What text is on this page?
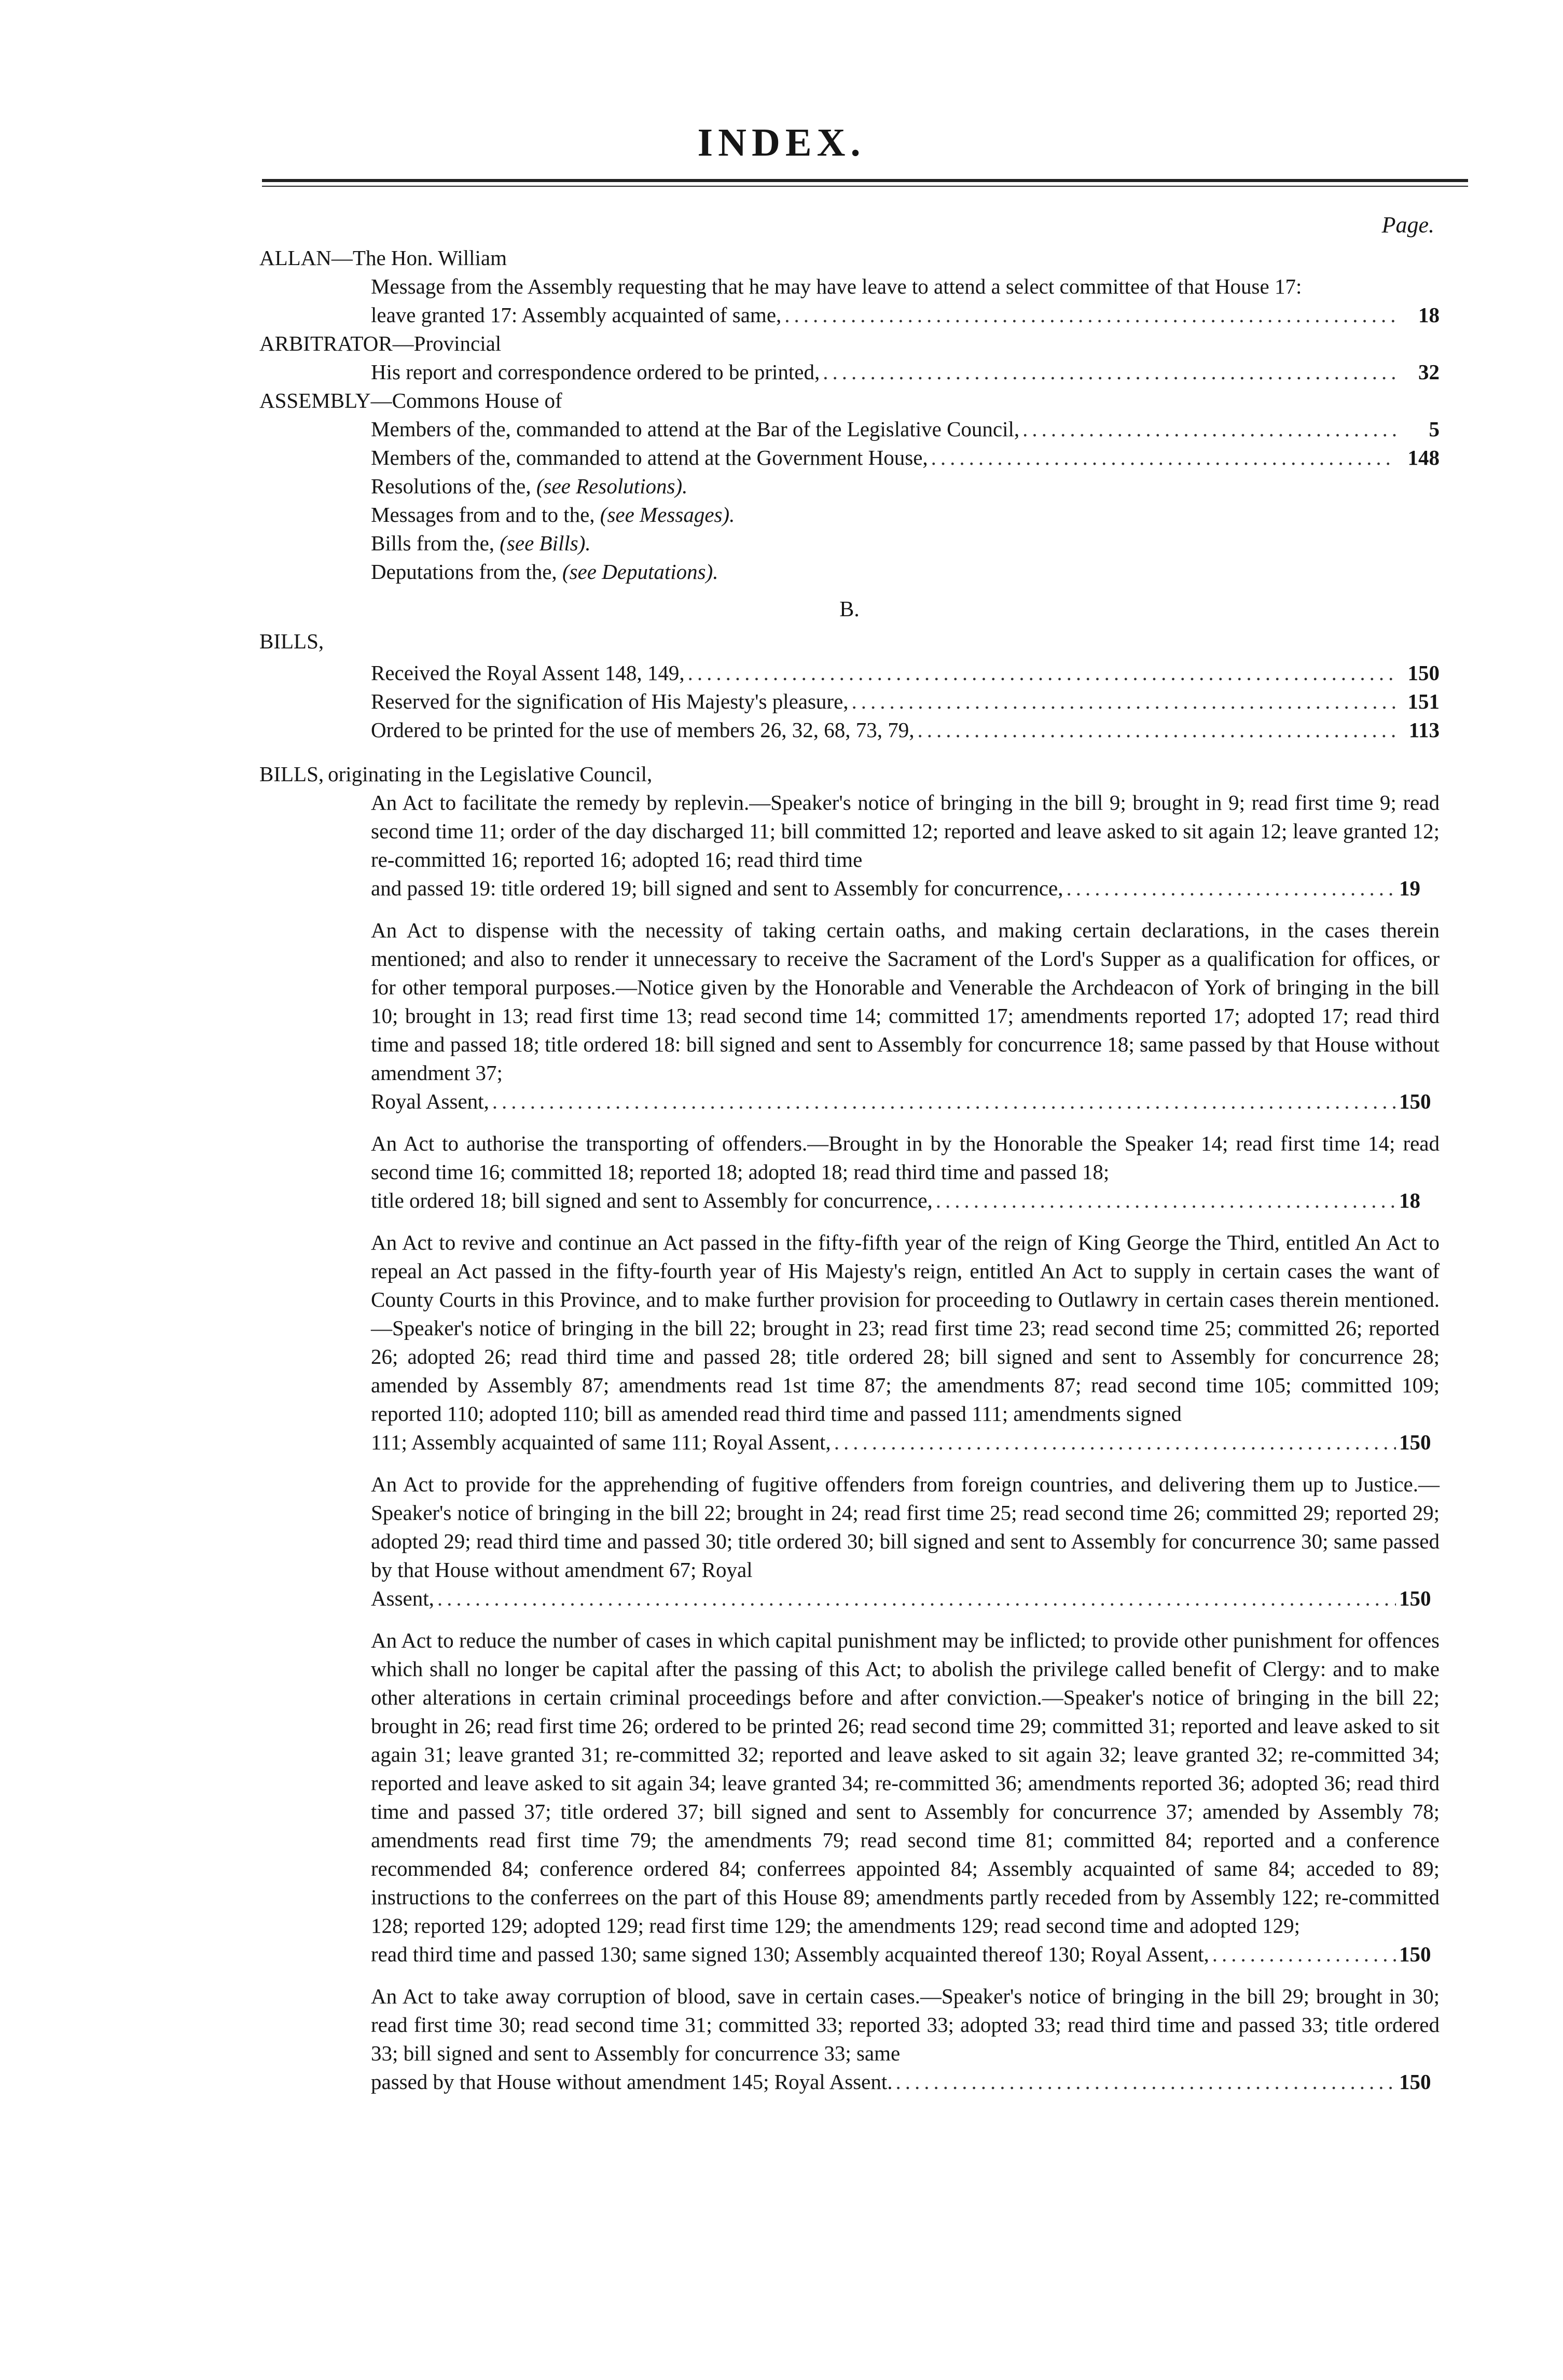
INDEX.
Page.
ALLAN—The Hon. William
Message from the Assembly requesting that he may have leave to attend a select committee of that House 17:
leave granted 17: Assembly acquainted of same, .....	18
ARBITRATOR—Provincial
His report and correspondence ordered to be printed, .....	32
ASSEMBLY—Commons House of
Members of the, commanded to attend at the Bar of the Legislative Council, .....	5
Members of the, commanded to attend at the Government House, .....	148
Resolutions of the, (see Resolutions).
Messages from and to the, (see Messages).
Bills from the, (see Bills).
Deputations from the, (see Deputations).
B.
BILLS,
Received the Royal Assent 148, 149, .....	150
Reserved for the signification of His Majesty's pleasure, .....	151
Ordered to be printed for the use of members 26, 32, 68, 73, 79, .....	113
BILLS, originating in the Legislative Council,
An Act to facilitate the remedy by replevin.—Speaker's notice of bringing in the bill 9; brought in 9; read first time 9; read second time 11; order of the day discharged 11; bill committed 12; reported and leave asked to sit again 12; leave granted 12; re-committed 16; reported 16; adopted 16; read third time
and passed 19: title ordered 19; bill signed and sent to Assembly for concurrence, .....	19
An Act to dispense with the necessity of taking certain oaths, and making certain declarations, in the cases therein mentioned; and also to render it unnecessary to receive the Sacrament of the Lord's Supper as a qualification for offices, or for other temporal purposes.—Notice given by the Honorable and Venerable the Archdeacon of York of bringing in the bill 10; brought in 13; read first time 13; read second time 14; committed 17; amendments reported 17; adopted 17; read third time and passed 18; title ordered 18: bill signed and sent to Assembly for concurrence 18; same passed by that House without amendment 37;
Royal Assent, .....	150
An Act to authorise the transporting of offenders.—Brought in by the Honorable the Speaker 14; read first time 14; read second time 16; committed 18; reported 18; adopted 18; read third time and passed 18;
title ordered 18; bill signed and sent to Assembly for concurrence, .....	18
An Act to revive and continue an Act passed in the fifty-fifth year of the reign of King George the Third, entitled An Act to repeal an Act passed in the fifty-fourth year of His Majesty's reign, entitled An Act to supply in certain cases the want of County Courts in this Province, and to make further provision for proceeding to Outlawry in certain cases therein mentioned.—Speaker's notice of bringing in the bill 22; brought in 23; read first time 23; read second time 25; committed 26; reported 26; adopted 26; read third time and passed 28; title ordered 28; bill signed and sent to Assembly for concurrence 28; amended by Assembly 87; amendments read 1st time 87; the amendments 87; read second time 105; committed 109; reported 110; adopted 110; bill as amended read third time and passed 111; amendments signed
111; Assembly acquainted of same 111; Royal Assent, .....	150
An Act to provide for the apprehending of fugitive offenders from foreign countries, and delivering them up to Justice.—Speaker's notice of bringing in the bill 22; brought in 24; read first time 25; read second time 26; committed 29; reported 29; adopted 29; read third time and passed 30; title ordered 30; bill signed and sent to Assembly for concurrence 30; same passed by that House without amendment 67; Royal
Assent, .....	150
An Act to reduce the number of cases in which capital punishment may be inflicted; to provide other punishment for offences which shall no longer be capital after the passing of this Act; to abolish the privilege called benefit of Clergy: and to make other alterations in certain criminal proceedings before and after conviction.—Speaker's notice of bringing in the bill 22; brought in 26; read first time 26; ordered to be printed 26; read second time 29; committed 31; reported and leave asked to sit again 31; leave granted 31; re-committed 32; reported and leave asked to sit again 32; leave granted 32; re-committed 34; reported and leave asked to sit again 34; leave granted 34; re-committed 36; amendments reported 36; adopted 36; read third time and passed 37; title ordered 37; bill signed and sent to Assembly for concurrence 37; amended by Assembly 78; amendments read first time 79; the amendments 79; read second time 81; committed 84; reported and a conference recommended 84; conference ordered 84; conferrees appointed 84; Assembly acquainted of same 84; acceded to 89; instructions to the conferrees on the part of this House 89; amendments partly receded from by Assembly 122; re-committed 128; reported 129; adopted 129; read first time 129; the amendments 129; read second time and adopted 129;
read third time and passed 130; same signed 130; Assembly acquainted thereof 130; Royal Assent, .....	150
An Act to take away corruption of blood, save in certain cases.—Speaker's notice of bringing in the bill 29; brought in 30; read first time 30; read second time 31; committed 33; reported 33; adopted 33; read third time and passed 33; title ordered 33; bill signed and sent to Assembly for concurrence 33; same
passed by that House without amendment 145; Royal Assent. .....	150
